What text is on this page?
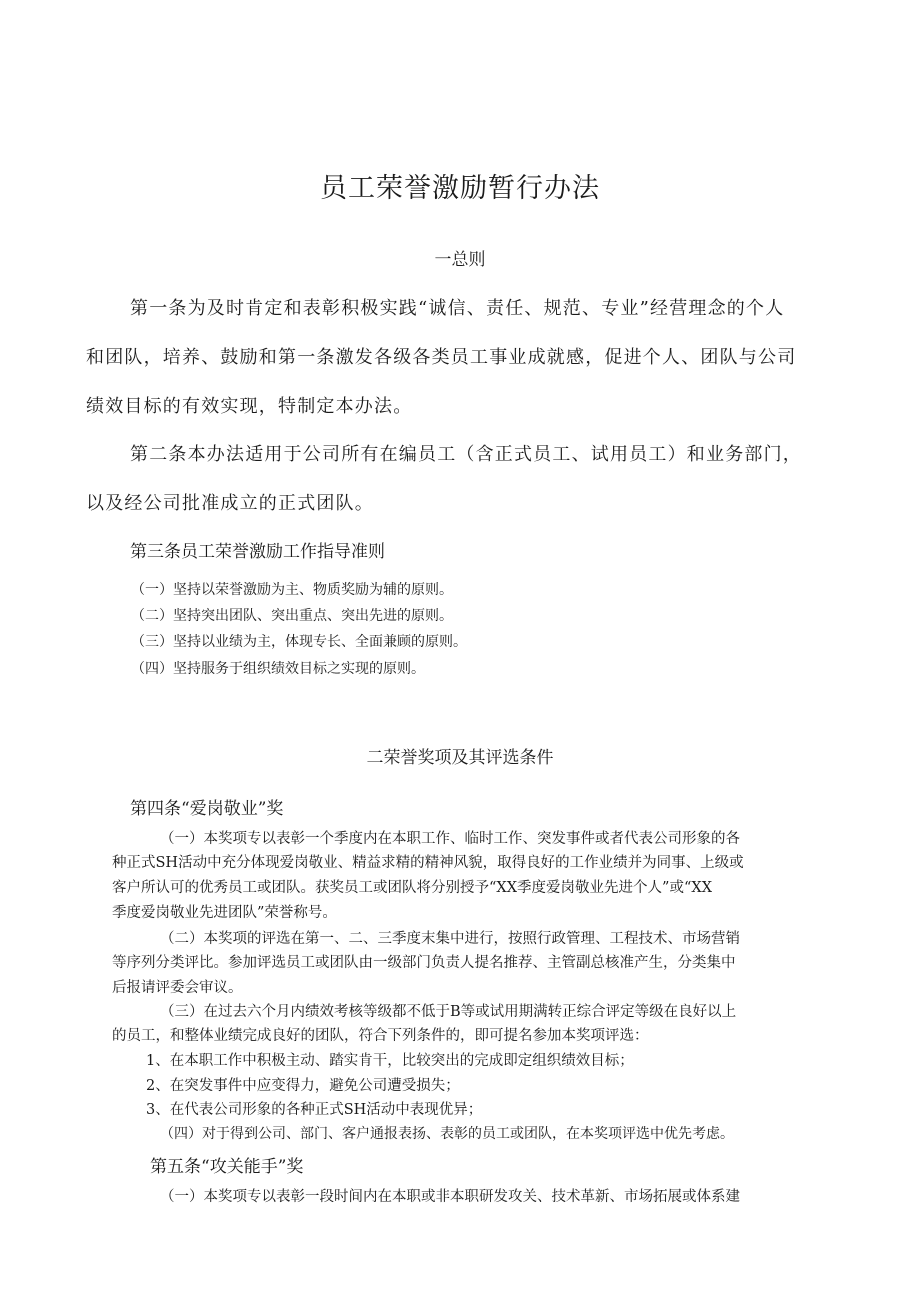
员工荣誉激励暂行办法

一总则

第一条为及时肯定和表彰积极实践“诚信、责任、规范、专业”经营理念的个人

和团队，培养、鼓励和第一条激发各级各类员工事业成就感，促进个人、团队与公司

绩效目标的有效实现，特制定本办法。

第二条本办法适用于公司所有在编员工（含正式员工、试用员工）和业务部门，

以及经公司批准成立的正式团队。

第三条员工荣誉激励工作指导准则

（一）坚持以荣誉激励为主、物质奖励为辅的原则。

（二）坚持突出团队、突出重点、突出先进的原则。

（三）坚持以业绩为主，体现专长、全面兼顾的原则。

（四）坚持服务于组织绩效目标之实现的原则。

二荣誉奖项及其评选条件

第四条“爱岗敬业”奖

（一）本奖项专以表彰一个季度内在本职工作、临时工作、突发事件或者代表公司形象的各

种正式SH活动中充分体现爱岗敬业、精益求精的精神风貌，取得良好的工作业绩并为同事、上级或

客户所认可的优秀员工或团队。获奖员工或团队将分别授予“XX季度爱岗敬业先进个人”或“XX

季度爱岗敬业先进团队”荣誉称号。

（二）本奖项的评选在第一、二、三季度末集中进行，按照行政管理、工程技术、市场营销

等序列分类评比。参加评选员工或团队由一级部门负责人提名推荐、主管副总核准产生，分类集中

后报请评委会审议。

（三）在过去六个月内绩效考核等级都不低于B等或试用期满转正综合评定等级在良好以上

的员工，和整体业绩完成良好的团队，符合下列条件的，即可提名参加本奖项评选：

1、在本职工作中积极主动、踏实肯干，比较突出的完成即定组织绩效目标；

2、在突发事件中应变得力，避免公司遭受损失；

3、在代表公司形象的各种正式SH活动中表现优异；

（四）对于得到公司、部门、客户通报表扬、表彰的员工或团队，在本奖项评选中优先考虑。

第五条“攻关能手”奖

（一）本奖项专以表彰一段时间内在本职或非本职研发攻关、技术革新、市场拓展或体系建
